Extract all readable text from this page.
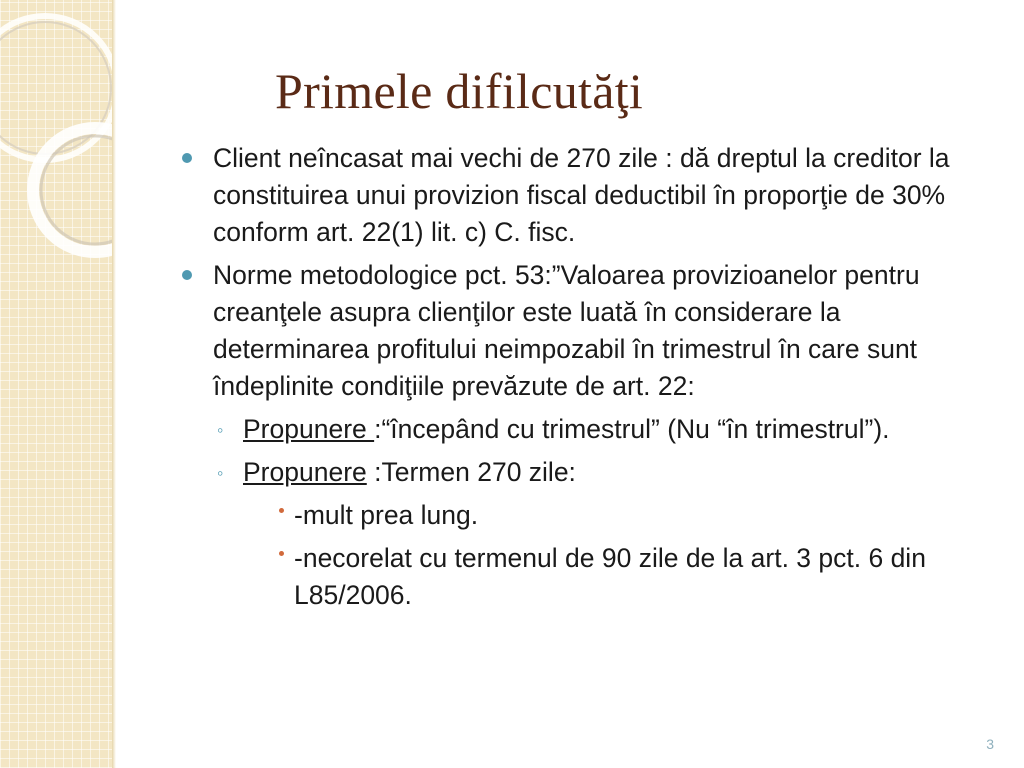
Primele difilcutăţi
Client neîncasat mai vechi de 270 zile : dă dreptul la creditor la constituirea unui provizion fiscal deductibil în proporţie de 30% conform art. 22(1) lit. c) C. fisc.
Norme metodologice pct. 53:”Valoarea provizioanelor pentru creanţele asupra clienţilor este luată în considerare la determinarea profitului neimpozabil în trimestrul în care sunt îndeplinite condiţiile prevăzute de art. 22:
◦ Propunere :“începând cu trimestrul” (Nu “în trimestrul”).
◦ Propunere :Termen 270 zile:
-mult prea lung.
-necorelat cu termenul de 90 zile de la art. 3 pct. 6 din L85/2006.
3
